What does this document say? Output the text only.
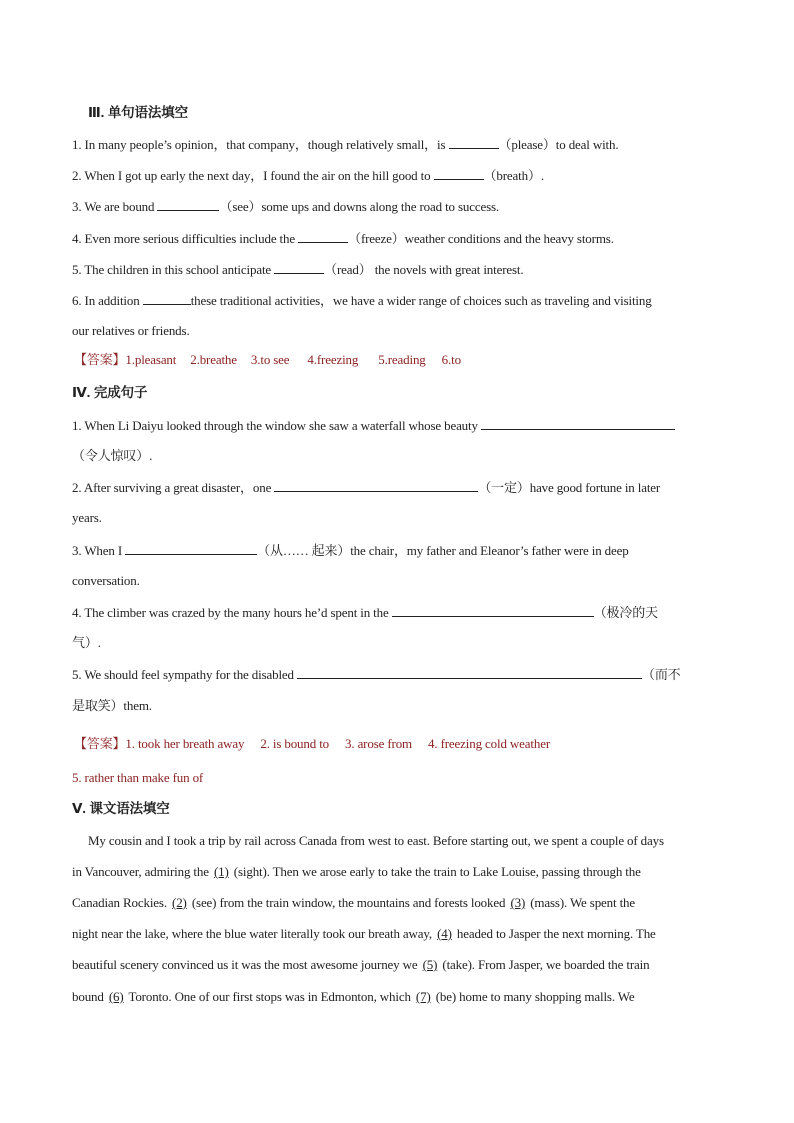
Ⅲ. 单句语法填空
1. In many people’s opinion，that company，though relatively small，is	（please）to deal with.
2. When I got up early the next day，I found the air on the hill good to	（breath）.
3. We are bound	（see）some ups and downs along the road to success.
4. Even more serious difficulties include the	（freeze）weather conditions and the heavy storms.
5. The children in this school anticipate	（read） the novels with great interest.
6. In addition	these traditional activities，we have a wider range of choices such as traveling and visiting
our relatives or friends.
【答案】1.pleasant 2.breathe 3.to see 4.freezing 5.reading 6.to
Ⅳ. 完成句子
1. When Li Daiyu looked through the window she saw a waterfall whose beauty
（令人惊叹）.
2. After surviving a great disaster，one	（一定）have good fortune in later
years.
3. When I	（从…… 起来）the chair，my father and Eleanor’s father were in deep
conversation.
4. The climber was crazed by the many hours he’d spent in the	（极冷的天
气）.
5. We should feel sympathy for the disabled	（而不
是取笑）them.
【答案】1. took her breath away 2. is bound to 3. arose from 4. freezing cold weather
5. rather than make fun of
Ⅴ. 课文语法填空
My cousin and I took a trip by rail across Canada from west to east. Before starting out, we spent a couple of days
in Vancouver, admiring the (1) (sight). Then we arose early to take the train to Lake Louise, passing through the
Canadian Rockies. (2) (see) from the train window, the mountains and forests looked (3) (mass). We spent the
night near the lake, where the blue water literally took our breath away, (4) headed to Jasper the next morning. The
beautiful scenery convinced us it was the most awesome journey we (5) (take). From Jasper, we boarded the train
bound (6) Toronto. One of our first stops was in Edmonton, which (7) (be) home to many shopping malls. We
